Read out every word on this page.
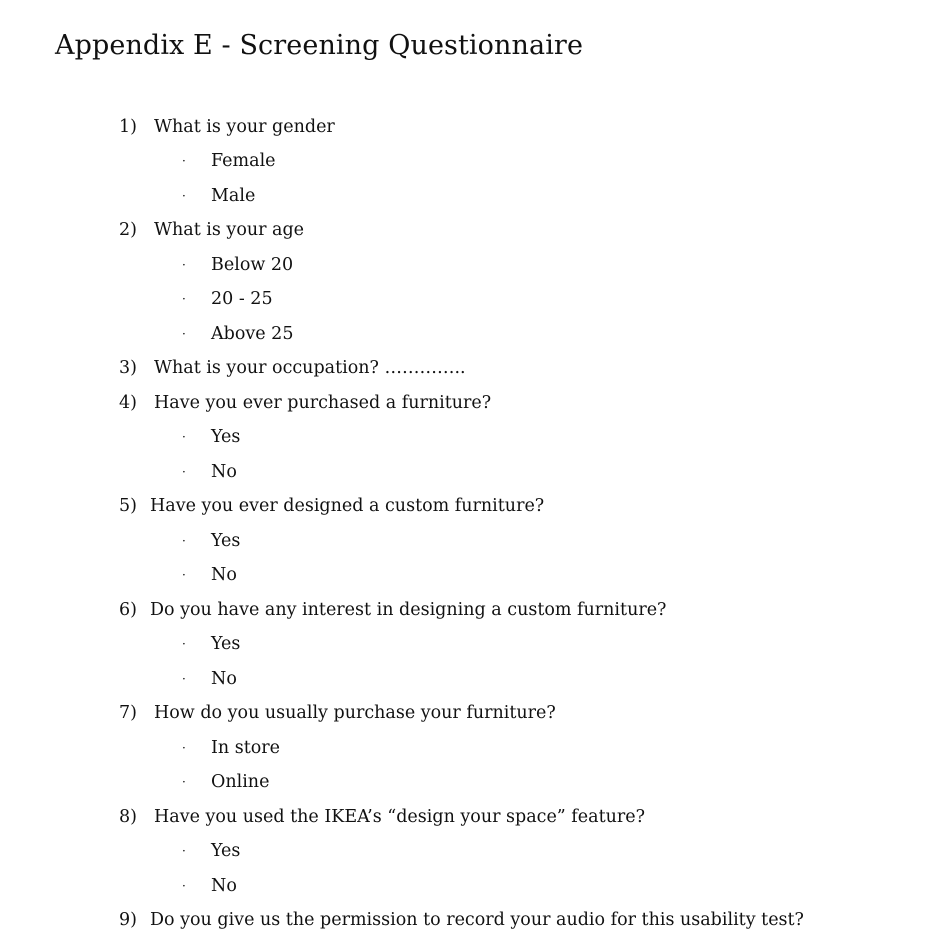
Appendix E - Screening Questionnaire
1) What is your gender
· Female
· Male
2) What is your age
· Below 20
· 20 - 25
· Above 25
3) What is your occupation? …………..
4) Have you ever purchased a furniture?
· Yes
· No
5) Have you ever designed a custom furniture?
· Yes
· No
6) Do you have any interest in designing a custom furniture?
· Yes
· No
7) How do you usually purchase your furniture?
· In store
· Online
8) Have you used the IKEA’s “design your space” feature?
· Yes
· No
9) Do you give us the permission to record your audio for this usability test?
